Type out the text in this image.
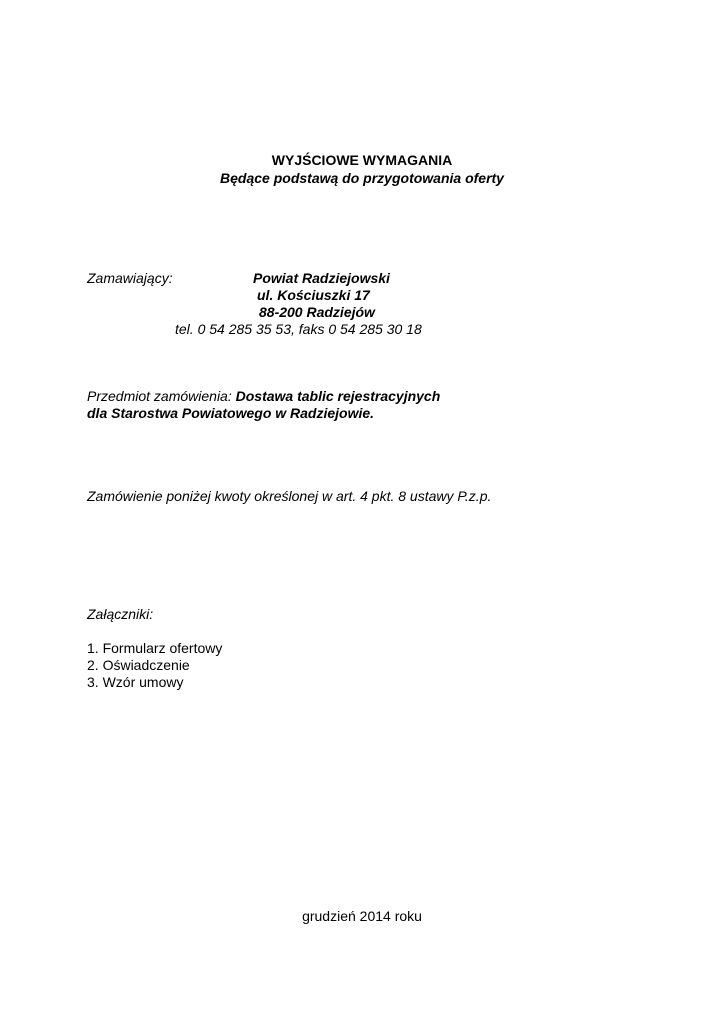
WYJŚCIOWE WYMAGANIA
Będące podstawą do przygotowania oferty
Zamawiający:	Powiat Radziejowski
ul. Kościuszki 17
88-200 Radziejów
tel. 0 54 285 35 53, faks 0 54 285 30 18
Przedmiot zamówienia: Dostawa tablic rejestracyjnych
dla Starostwa Powiatowego w Radziejowie.
Zamówienie poniżej kwoty określonej w art. 4 pkt. 8 ustawy P.z.p.
Załączniki:
1. Formularz ofertowy
2. Oświadczenie
3. Wzór umowy
grudzień 2014 roku
